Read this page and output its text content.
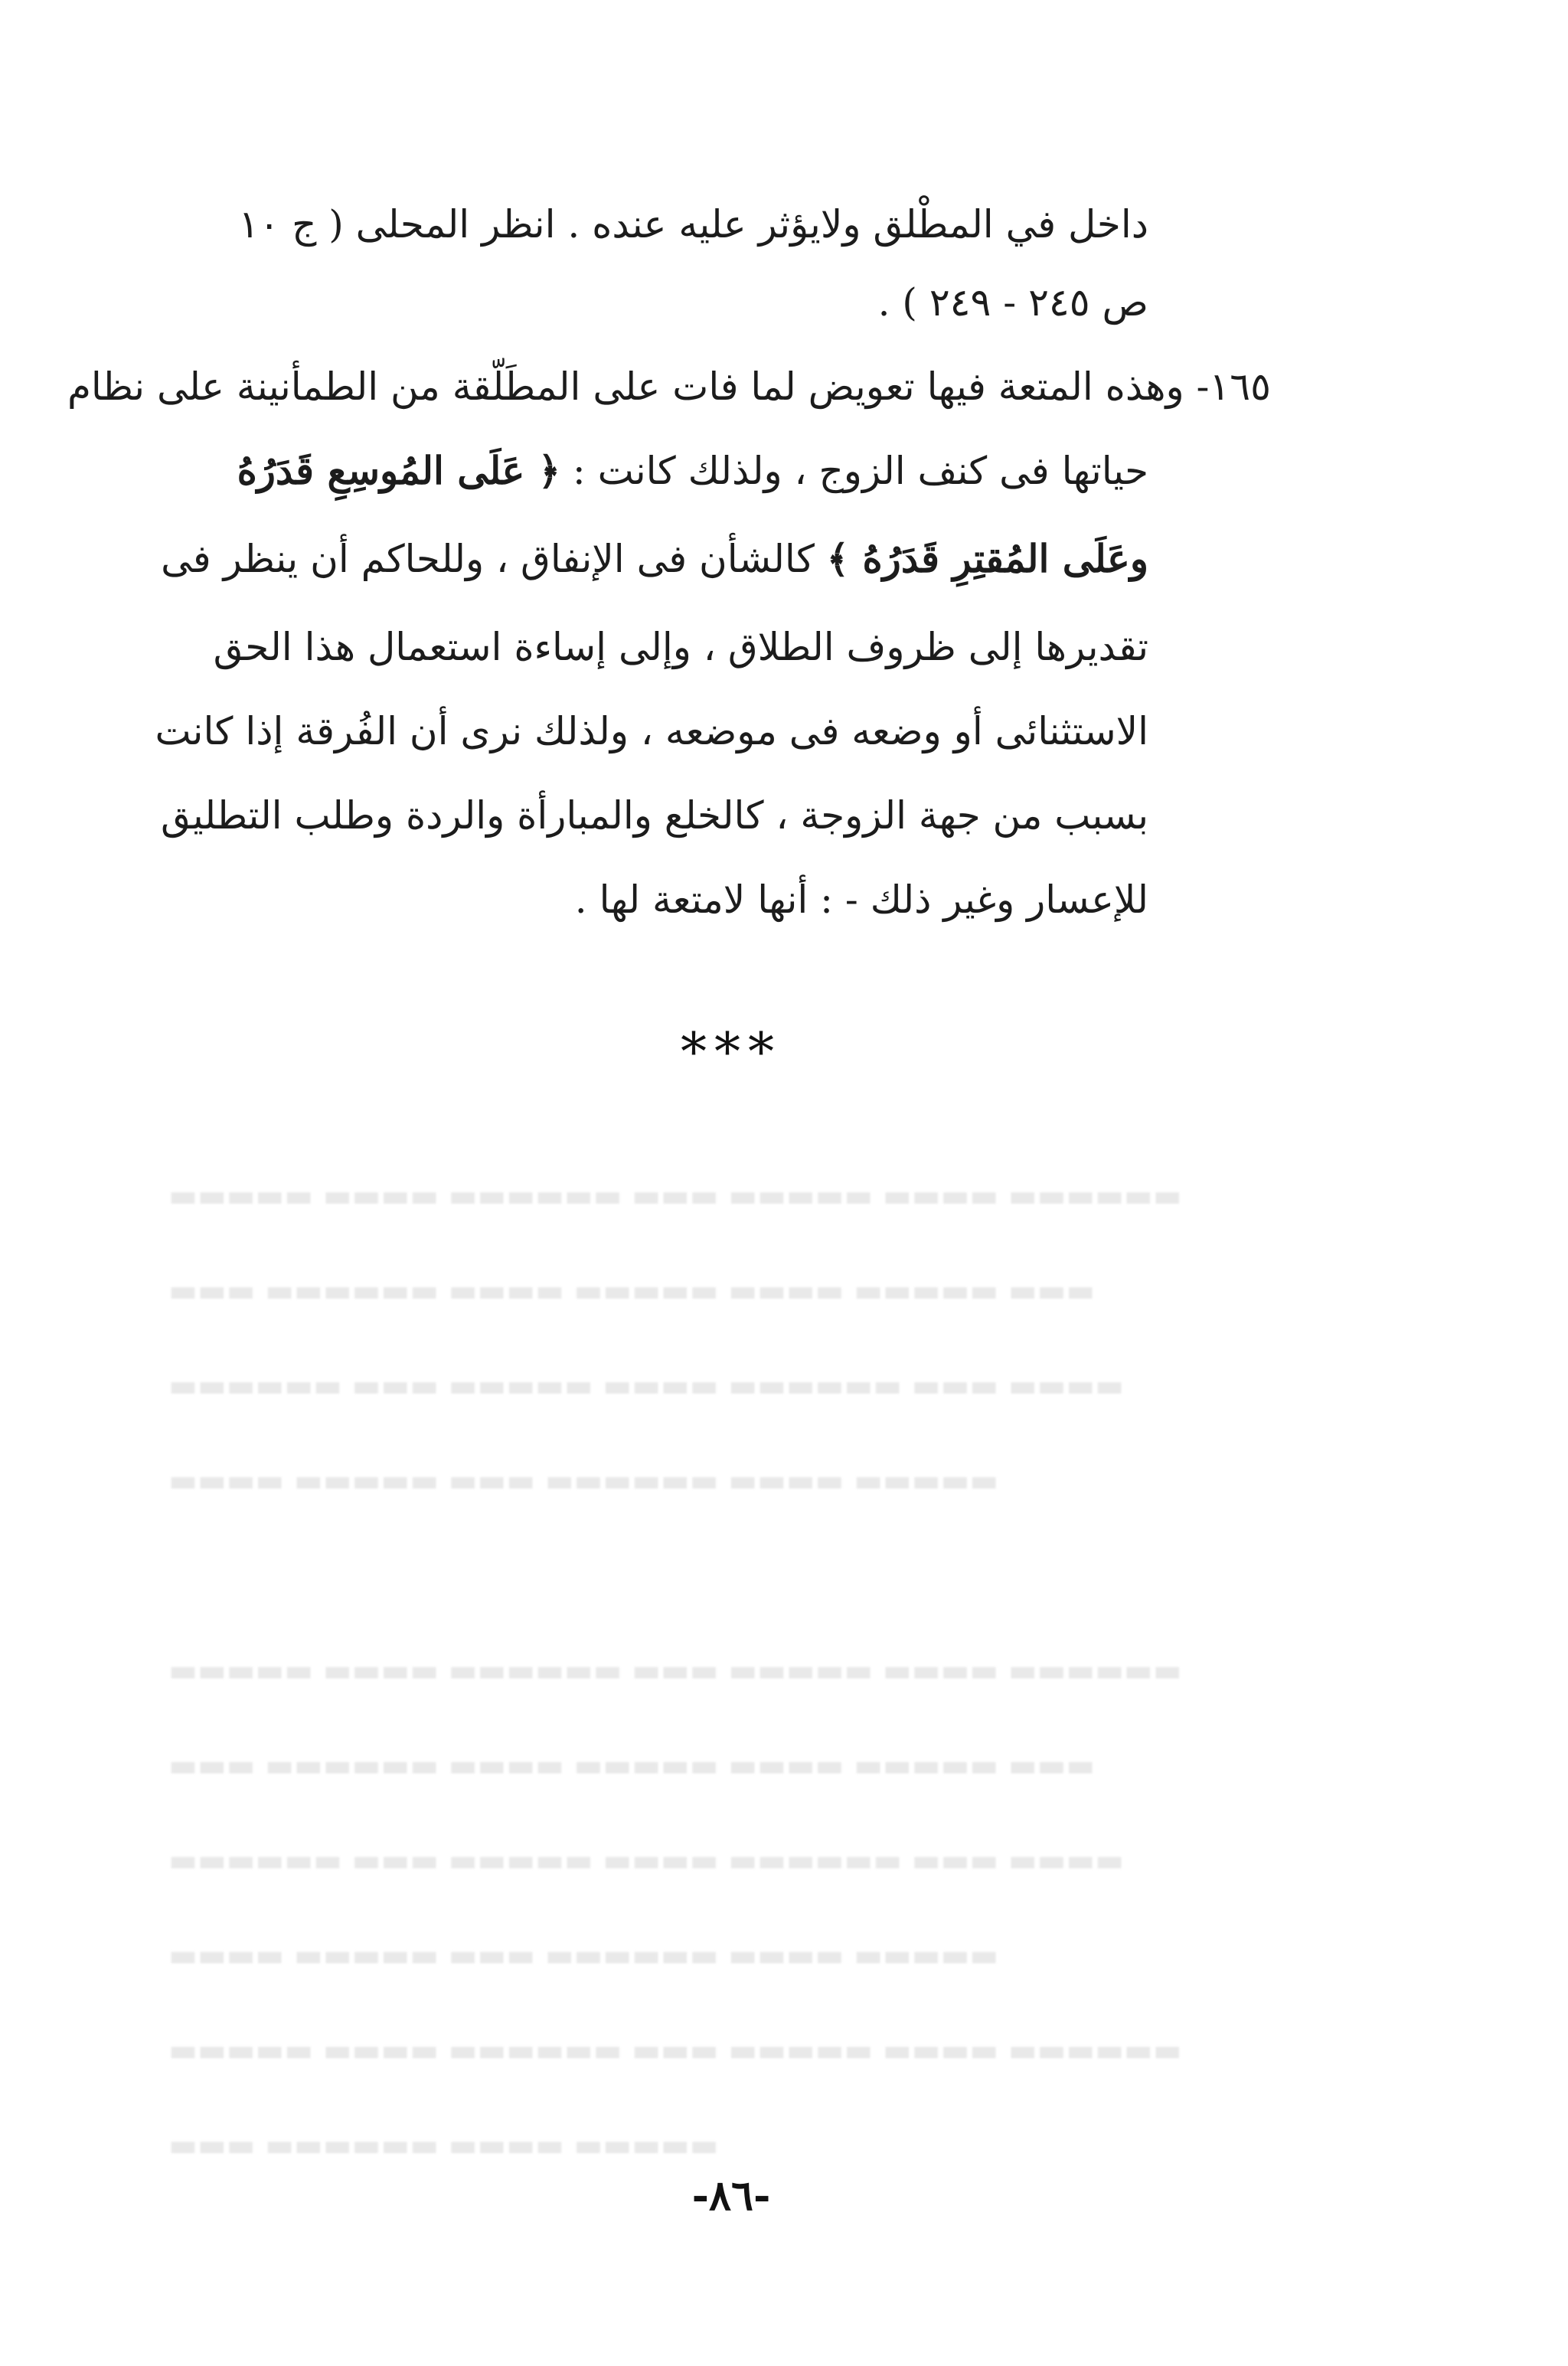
▬▬▬▬▬ ▬▬▬▬ ▬▬▬▬▬▬ ▬▬▬ ▬▬▬▬▬ ▬▬▬▬ ▬▬▬▬▬▬
▬▬▬ ▬▬▬▬▬▬ ▬▬▬▬ ▬▬▬▬▬ ▬▬▬▬ ▬▬▬▬▬ ▬▬▬
▬▬▬▬▬▬ ▬▬▬ ▬▬▬▬▬ ▬▬▬▬ ▬▬▬▬▬▬ ▬▬▬ ▬▬▬▬
▬▬▬▬ ▬▬▬▬▬ ▬▬▬ ▬▬▬▬▬▬ ▬▬▬▬ ▬▬▬▬▬

▬▬▬▬▬ ▬▬▬▬ ▬▬▬▬▬▬ ▬▬▬ ▬▬▬▬▬ ▬▬▬▬ ▬▬▬▬▬▬
▬▬▬ ▬▬▬▬▬▬ ▬▬▬▬ ▬▬▬▬▬ ▬▬▬▬ ▬▬▬▬▬ ▬▬▬
▬▬▬▬▬▬ ▬▬▬ ▬▬▬▬▬ ▬▬▬▬ ▬▬▬▬▬▬ ▬▬▬ ▬▬▬▬
▬▬▬▬ ▬▬▬▬▬ ▬▬▬ ▬▬▬▬▬▬ ▬▬▬▬ ▬▬▬▬▬
▬▬▬▬▬ ▬▬▬▬ ▬▬▬▬▬▬ ▬▬▬ ▬▬▬▬▬ ▬▬▬▬ ▬▬▬▬▬▬
▬▬▬ ▬▬▬▬▬▬ ▬▬▬▬ ▬▬▬▬▬

داخل في المطْلق ولايؤثر عليه عنده . انظر المحلى ( ج ١٠
ص ٢٤٥ - ٢٤٩ ) .
١٦٥- وهذه المتعة فيها تعويض لما فات على المطَلّقة من الطمأنينة على نظام
حياتها فى كنف الزوج ، ولذلك كانت : ﴿ عَلَى المُوسِعِ قَدَرُهُ
وعَلَى المُقتِرِ قَدَرُهُ ﴾ كالشأن فى الإنفاق ، وللحاكم أن ينظر فى
تقديرها إلى ظروف الطلاق ، وإلى إساءة استعمال هذا الحق
الاستثنائى أو وضعه فى موضعه ، ولذلك نرى أن الفُرقة إذا كانت
بسبب من جهة الزوجة ، كالخلع والمبارأة والردة وطلب التطليق
للإعسار وغير ذلك - : أنها لامتعة لها .
***
-٨٦-
